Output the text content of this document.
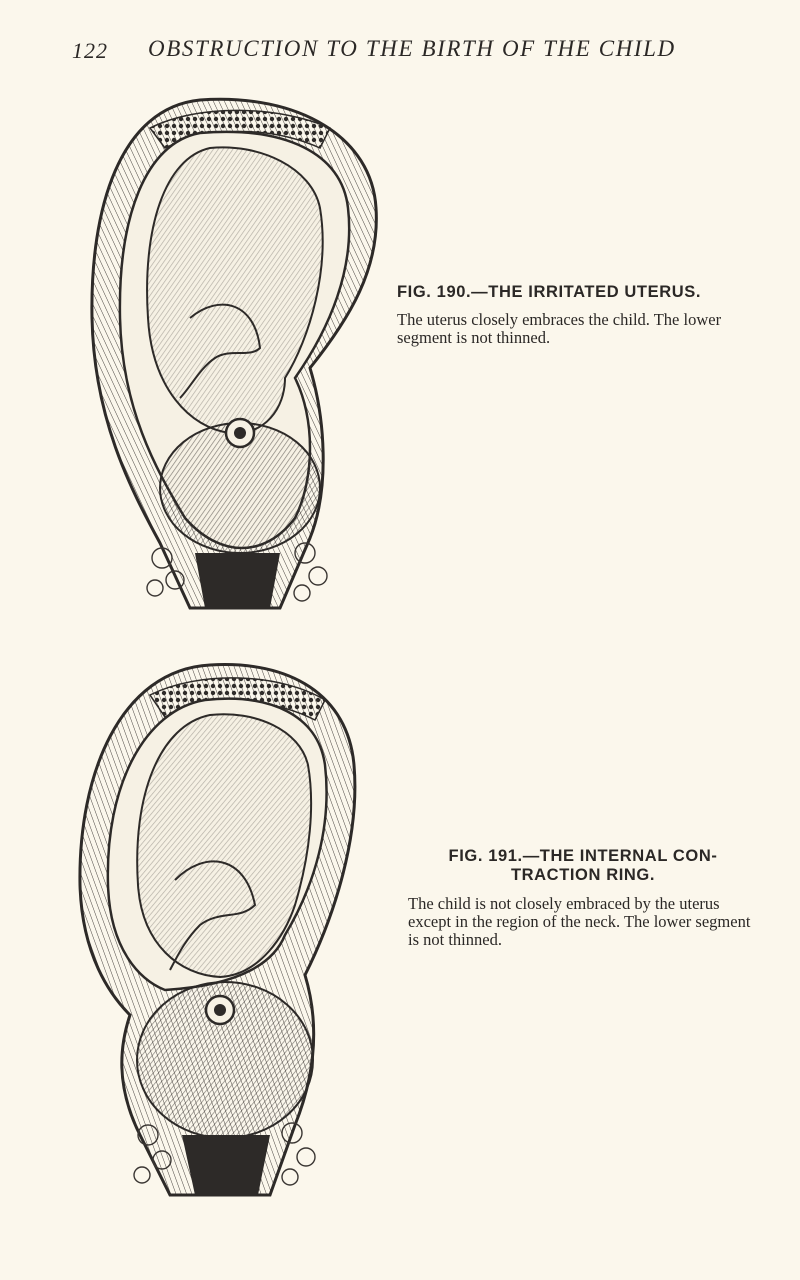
122 OBSTRUCTION TO THE BIRTH OF THE CHILD
FIG. 190.—THE IRRITATED UTERUS.
The uterus closely embraces the child. The lower segment is not thinned.
FIG. 191.—THE INTERNAL CON-TRACTION RING.
The child is not closely embraced by the uterus except in the region of the neck. The lower segment is not thinned.
